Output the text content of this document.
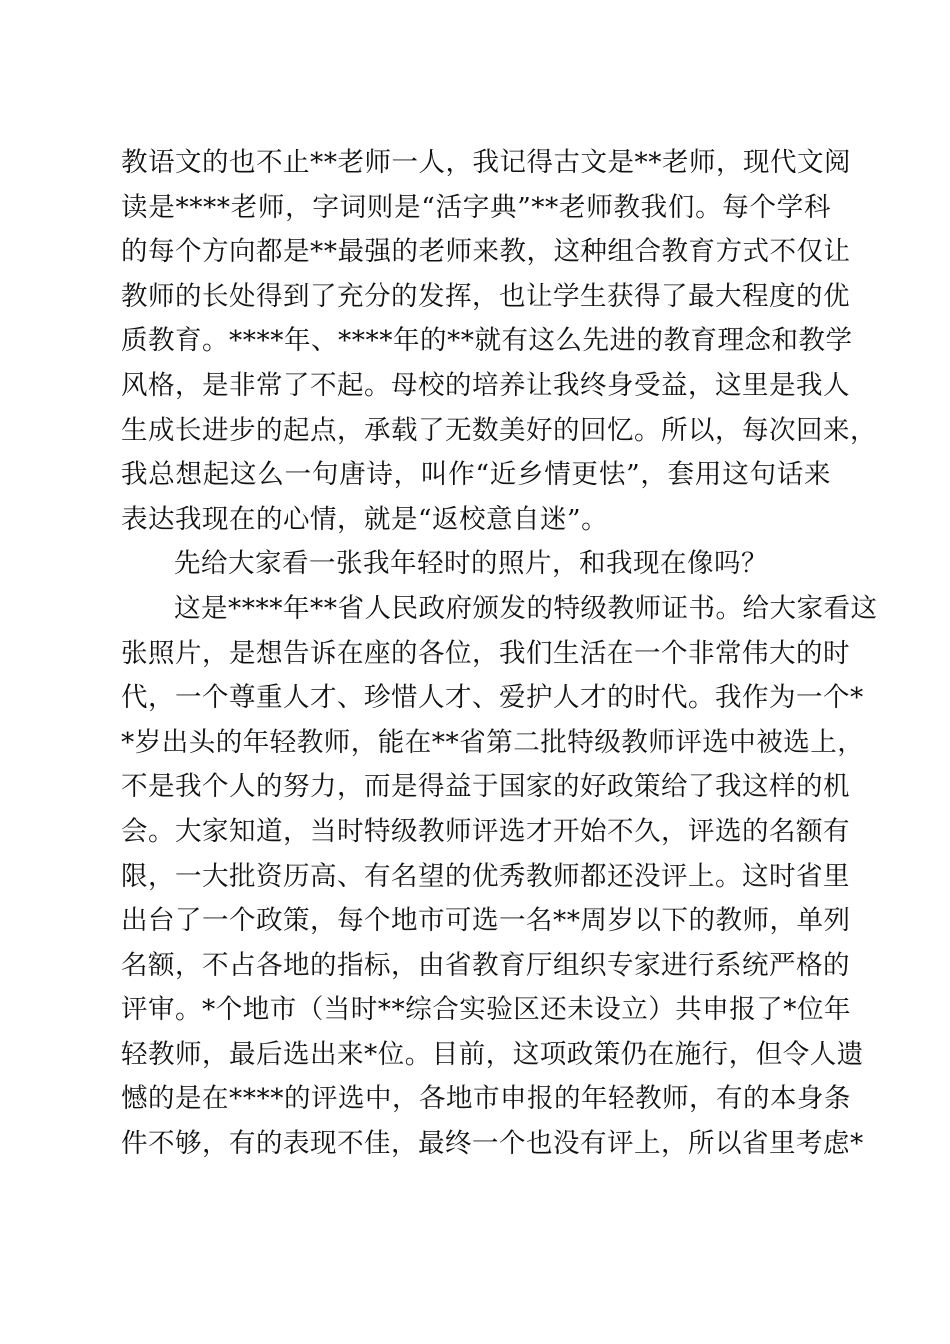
教语文的也不止**老师一人，我记得古文是**老师，现代文阅
读是****老师，字词则是“活字典”**老师教我们。每个学科
的每个方向都是**最强的老师来教，这种组合教育方式不仅让
教师的长处得到了充分的发挥，也让学生获得了最大程度的优
质教育。****年、****年的**就有这么先进的教育理念和教学
风格，是非常了不起。母校的培养让我终身受益，这里是我人
生成长进步的起点，承载了无数美好的回忆。所以，每次回来，
我总想起这么一句唐诗，叫作“近乡情更怯”，套用这句话来
表达我现在的心情，就是“返校意自迷”。
先给大家看一张我年轻时的照片，和我现在像吗？
这是****年**省人民政府颁发的特级教师证书。给大家看这
张照片，是想告诉在座的各位，我们生活在一个非常伟大的时
代，一个尊重人才、珍惜人才、爱护人才的时代。我作为一个*
*岁出头的年轻教师，能在**省第二批特级教师评选中被选上，
不是我个人的努力，而是得益于国家的好政策给了我这样的机
会。大家知道，当时特级教师评选才开始不久，评选的名额有
限，一大批资历高、有名望的优秀教师都还没评上。这时省里
出台了一个政策，每个地市可选一名**周岁以下的教师，单列
名额，不占各地的指标，由省教育厅组织专家进行系统严格的
评审。*个地市（当时**综合实验区还未设立）共申报了*位年
轻教师，最后选出来*位。目前，这项政策仍在施行，但令人遗
憾的是在****的评选中，各地市申报的年轻教师，有的本身条
件不够，有的表现不佳，最终一个也没有评上，所以省里考虑*
